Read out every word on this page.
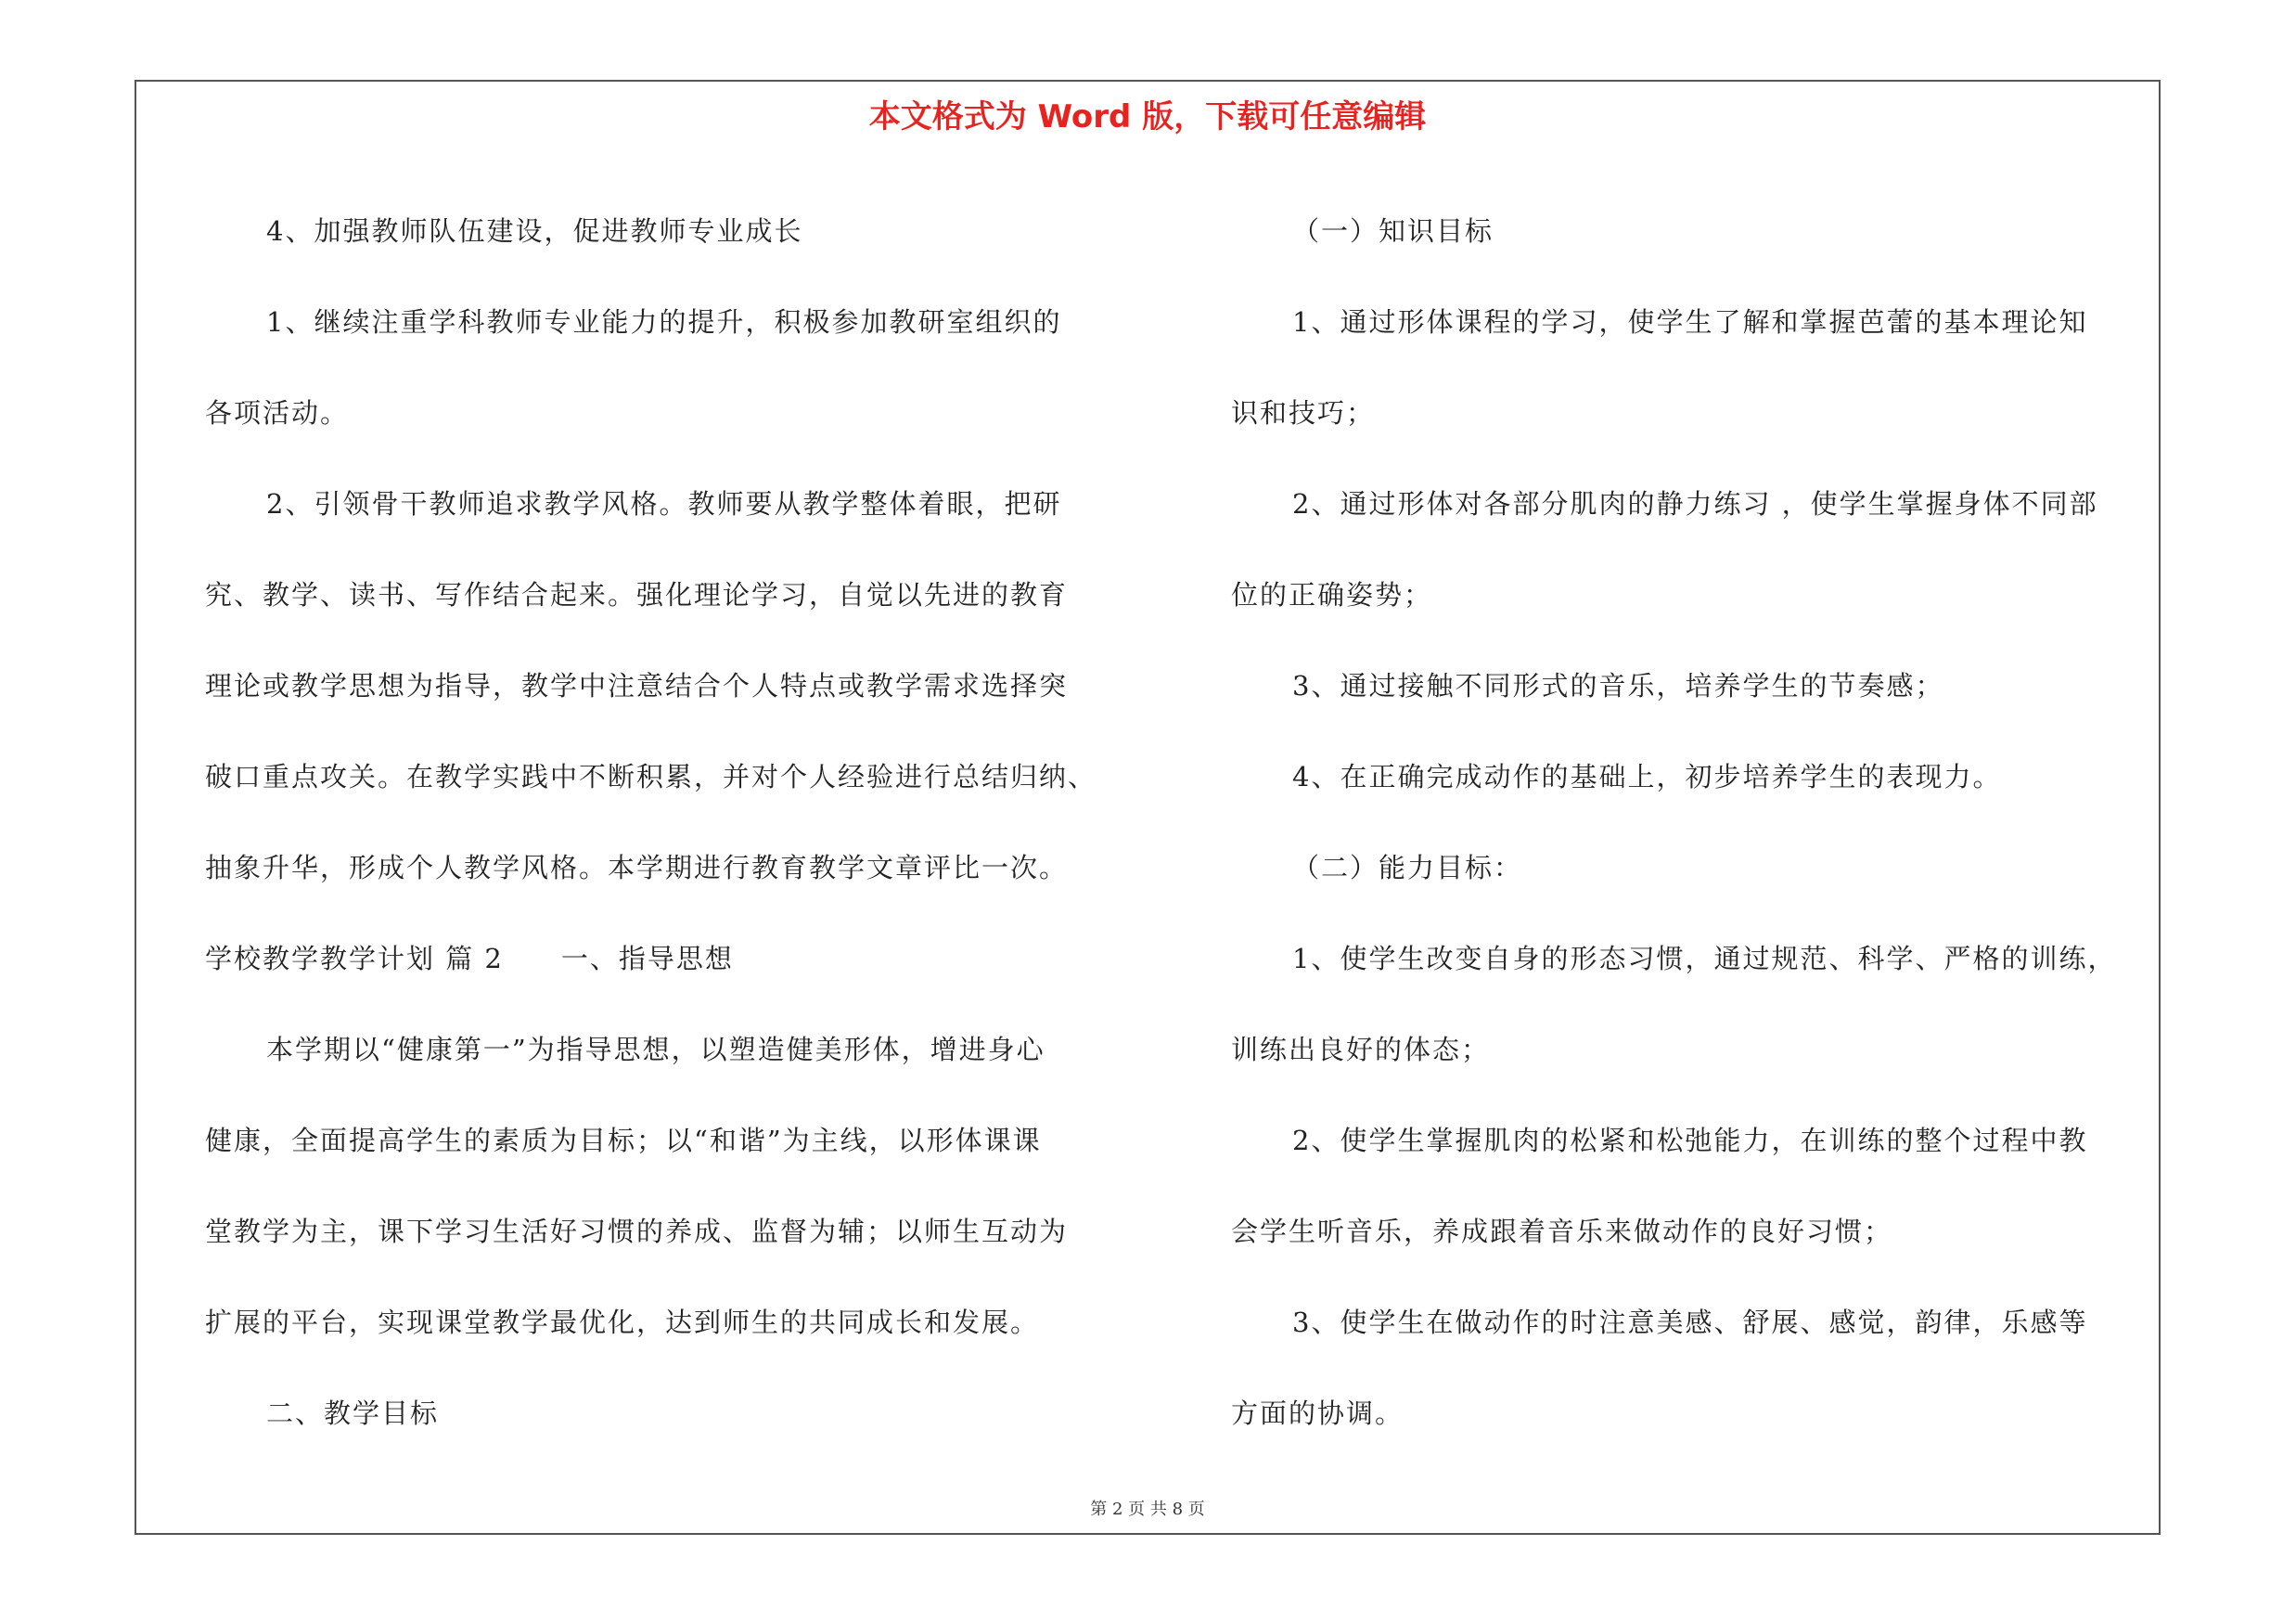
本文格式为 Word 版，下载可任意编辑
4、加强教师队伍建设，促进教师专业成长
1、继续注重学科教师专业能力的提升，积极参加教研室组织的
各项活动。
2、引领骨干教师追求教学风格。教师要从教学整体着眼，把研
究、教学、读书、写作结合起来。强化理论学习，自觉以先进的教育
理论或教学思想为指导，教学中注意结合个人特点或教学需求选择突
破口重点攻关。在教学实践中不断积累，并对个人经验进行总结归纳、
抽象升华，形成个人教学风格。本学期进行教育教学文章评比一次。
学校教学教学计划 篇 2　　一、指导思想
本学期以“健康第一”为指导思想，以塑造健美形体，增进身心
健康，全面提高学生的素质为目标；以“和谐”为主线，以形体课课
堂教学为主，课下学习生活好习惯的养成、监督为辅；以师生互动为
扩展的平台，实现课堂教学最优化，达到师生的共同成长和发展。
二、教学目标
（一）知识目标
1、通过形体课程的学习，使学生了解和掌握芭蕾的基本理论知
识和技巧；
2、通过形体对各部分肌肉的静力练习 ，使学生掌握身体不同部
位的正确姿势；
3、通过接触不同形式的音乐，培养学生的节奏感；
4、在正确完成动作的基础上，初步培养学生的表现力。
（二）能力目标：
1、使学生改变自身的形态习惯，通过规范、科学、严格的训练，
训练出良好的体态；
2、使学生掌握肌肉的松紧和松弛能力，在训练的整个过程中教
会学生听音乐，养成跟着音乐来做动作的良好习惯；
3、使学生在做动作的时注意美感、舒展、感觉，韵律，乐感等
方面的协调。
第 2 页 共 8 页
